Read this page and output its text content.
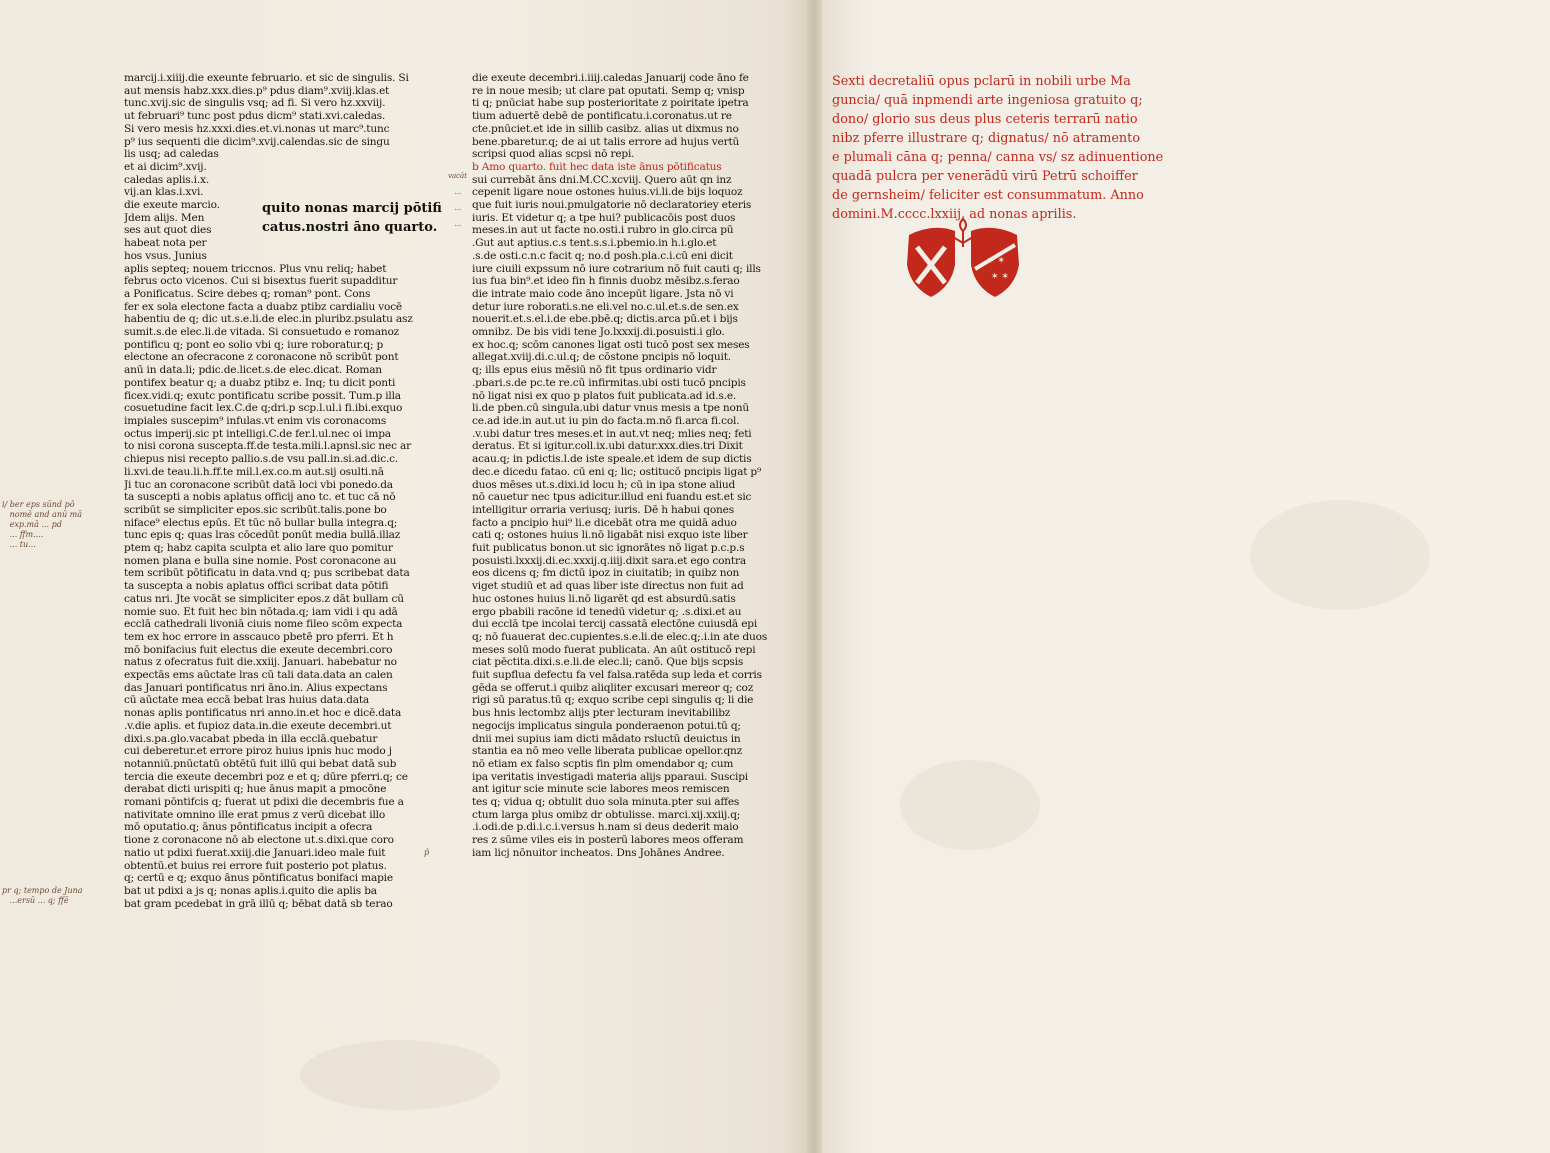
marcij.i.xiiij.die exeunte februario. et sic de singulis. Si
aut mensis habz.xxx.dies.p⁹ pdus diam⁹.xviij.klas.et
tunc.xvij.sic de singulis vsq; ad fi. Si vero hz.xxviij.
ut februari⁹ tunc post pdus dicm⁹ stati.xvi.caledas.
Si vero mesis hz.xxxi.dies.et.vi.nonas ut marc⁹.tunc
p⁹ ius sequenti die dicim⁹.xvij.calendas.sic de singu
lis usq; ad caledas
et ai dicim⁹.xvij.
caledas aplis.i.x.
vij.an klas.i.xvi.
die exeute marcio.
Jdem alijs. Men
ses aut quot dies
habeat nota per
hos vsus. Junius
aplis septeq; nouem triccnos. Plus vnu reliq; habet
februs octo vicenos. Cui si bisextus fuerit supadditur
a Ponificatus. Scire debes q; roman⁹ pont. Cons
fer ex sola electone facta a duabz ptibz cardialiu vocē
habentiu de q; dic ut.s.e.li.de elec.in pluribz.psulatu asz
sumit.s.de elec.li.de vitada. Si consuetudo e romanoz
pontificu q; pont eo solio vbi q; iure roboratur.q; p
electone an ofecracone z coronacone nō scribūt pont
anū in data.li; pdic.de.licet.s.de elec.dicat. Roman
pontifex beatur q; a duabz ptibz e. Inq; tu dicit ponti
ficex.vidi.q; exutc pontificatu scribe possit. Tum.p illa
cosuetudine facit lex.C.de q;dri.p scp.l.ul.i fi.ibi.exquo
impiales suscepim⁹ infulas.vt enim vis coronacoms
octus imperij.sic pt intelligi.C.de fer.l.ul.nec oi impa
to nisi corona suscepta.ff.de testa.mili.l.apnsl.sic nec ar
chiepus nisi recepto pallio.s.de vsu pall.in.si.ad.dic.c.
li.xvi.de teau.li.h.ff.te mil.l.ex.co.m aut.sij osulti.nā
Ji tuc an coronacone scribūt datā loci vbi ponedo.da
ta suscepti a nobis aplatus officij ano tc. et tuc cā nō
scribūt se simpliciter epos.sic scribūt.talis.pone bo
niface⁹ electus epūs. Et tūc nō bullar bulla integra.q;
tunc epis q; quas lras cōcedūt ponūt media bullā.illaz
ptem q; habz capita sculpta et alio lare quo pomitur
nomen plana e bulla sine nomie. Post coronacone au
tem scribūt pōtificatu in data.vnd q; pus scribebat data
ta suscepta a nobis aplatus offici scribat data pōtifi
catus nri. Jte vocāt se simpliciter epos.z dāt bullam cū
nomie suo. Et fuit hec bin nōtada.q; iam vidi i qu adā
ecclā cathedrali livoniā ciuis nome fileo scōm expecta
tem ex hoc errore in asscauco pbetē pro pferri. Et h
mō bonifacius fuit electus die exeute decembri.coro
natus z ofecratus fuit die.xxiij. Januari. habebatur no
expectās ems aūctate lras cū tali data.data an calen
das Januari pontificatus nri āno.in. Alius expectans
cū aūctate mea eccā bebat lras huius data.data
nonas aplis pontificatus nri anno.in.et hoc e dicē.data
.v.die aplis. et fupioz data.in.die exeute decembri.ut
dixi.s.pa.glo.vacabat pbeda in illa ecclā.quebatur
cui deberetur.et errore piroz huius ipnis huc modo j
notanniū.pnūctatū obtētū fuit illū qui bebat datā sub
tercia die exeute decembri poz e et q; dūre pferri.q; ce
derabat dicti urispiti q; hue ānus mapit a pmocōne
romani pōntifcis q; fuerat ut pdixi die decembris fue a
nativitate omnino ille erat pmus z verū dicebat illo
mō oputatio.q; ānus pōntificatus incipit a ofecra
tione z coronacone nō ab electone ut.s.dixi.que coro
natio ut pdixi fuerat.xxiij.die Januari.ideo male fuit
obtentū.et buius rei errore fuit posterio pot platus.
q; certū e q; exquo ānus pōntificatus bonifaci mapie
bat ut pdixi a js q; nonas aplis.i.quito die aplis ba
bat gram pcedebat in grā illū q; bēbat datā sb terao
quito nonas marcij
catus.nostri āno quarto.
die exeute decembri.i.iiij.caledas Januarij code āno fe
re in noue mesib; ut clare pat oputati. Semp q; vnisp
ti q; pnūciat habe sup posterioritate z poiritate ipetra
tium aduertē debē de pontificatu.i.coronatus.ut re
cte.pnūciet.et ide in sillib casibz. alias ut dixmus no
bene.pbaretur.q; de ai ut talis errore ad hujus vertū
scripsi quod alias scpsi nō repi.
b Amo quarto. fuit hec data iste ānus pōtificatus
sui currebāt āns dni.M.CC.xcviij. Quero aūt qn inz
cepenit ligare noue ostones huius.vi.li.de bijs loquoz
que fuit iuris noui.pmulgatorie nō declaratoriey eteris
iuris. Et videtur q; a tpe hui? publicacōis post duos
meses.in aut ut facte no.osti.i rubro in glo.circa pū
.Gut aut aptius.c.s tent.s.s.i.pbemio.in h.i.glo.et
.s.de osti.c.n.c facit q; no.d posh.pla.c.i.cū eni dicit
iure ciuili expssum nō iure cotrarium nō fuit cauti q; ills
ius fua bin⁹.et ideo fin h finnis duobz mēsibz.s.ferao
die intrate maio code āno incepūt ligare. Jsta nō vi
detur iure roborati.s.ne eli.vel no.c.ul.et.s.de sen.ex
nouerit.et.s.el.i.de ebe.pbē.q; dictis.arca pū.et i bijs
omnibz. De bis vidi tene Jo.lxxxij.di.posuisti.i glo.
ex hoc.q; scōm canones ligat osti tucō post sex meses
allegat.xviij.di.c.ul.q; de cōstone pncipis nō loquit.
q; ills epus eius mēsiū nō fit tpus ordinario vidr
.pbari.s.de pc.te re.cū infirmitas.ubi osti tucō pncipis
nō ligat nisi ex quo p platos fuit publicata.ad id.s.e.
li.de pben.cū singula.ubi datur vnus mesis a tpe nonū
ce.ad ide.in aut.ut iu pin do facta.m.nō fi.arca fi.col.
.v.ubi datur tres meses.et in aut.vt neq; mlies neq; feti
deratus. Et si igitur.coll.ix.ubi datur.xxx.dies.tri Dixit
acau.q; in pdictis.l.de iste speale.et idem de sup dictis
dec.e dicedu fatao. cū eni q; lic; ostitucō pncipis ligat p⁹
duos mēses ut.s.dixi.id locu h; cū in ipa stone aliud
nō cauetur nec tpus adicitur.illud eni fuandu est.et sic
intelligitur orraria veriusq; iuris. Dē h habui qones
facto a pncipio hui⁹ li.e dicebāt otra me quidā aduo
cati q; ostones huius li.nō ligabāt nisi exquo iste liber
fuit publicatus bonon.ut sic ignorātes nō ligat p.c.p.s
posuisti.lxxxij.di.ec.xxxij.q.iiij.dixit sara.et ego contra
eos dicens q; fm dictū ipoz in ciuitatib; in quibz non
viget studiū et ad quas liber iste directus non fuit ad
huc ostones huius li.nō ligarēt qd est absurdū.satis
ergo pbabili racōne id tenedū videtur q; .s.dixi.et au
dui ecclā tpe incolai tercij cassatā electōne cuiusdā epi
q; nō fuauerat dec.cupientes.s.e.li.de elec.q;.i.in ate duos
meses solū modo fuerat publicata. An aūt ostitucō repi
ciat pēctita.dixi.s.e.li.de elec.li; canō. Que bijs scpsis
fuit supflua defectu fa vel falsa.ratēda sup leda et corris
gēda se offerut.i quibz aliqliter excusari mereor q; coz
rigi sū paratus.tū q; exquo scribe cepi singulis q; li die
bus hnis lectombz alijs pter lecturam inevitabilibz
negocijs implicatus singula ponderaenon potui.tū q;
dnii mei supius iam dicti mādato rsluctū deuictus in
stantia ea nō meo velle liberata publicae opellor.qnz
nō etiam ex falso scptis fin plm omendabor q; cum
ipa veritatis investigadi materia alijs pparaui. Suscipi
ant igitur scie minute scie labores meos remiscen
tes q; vidua q; obtulit duo sola minuta.pter sui affes
ctum larga plus omibz dr obtulisse. marci.xij.xxiij.q;
.i.odi.de p.di.i.c.i.versus h.nam si deus dederit maio
res z sūme viles eis in posterū labores meos offeram
iam licj nōnuitor incheatos. Dns Johānes Andree.
i/ ber eps sūnd pō
nomē and anū mā
exp.mā ... pd
... ffm....
... tu...
pr q; tempo de Juna
...ersū ... q; ffē
vacāt
...
...
...
p̃
Sexti decretaliū opus pclarū in nobili urbe Ma
guncia/ quā inpmendi arte ingeniosa gratuito
dono/ glorio sus deus plus ceteris terrarū natio
nibz pferre illustrare q; dignatus/ nō atramento
e plumali cāna q; penna/ canna vs/ sz adinuentione
quadā pulcra per venerādū virū Petrū schoiffer
de gernsheim/ feliciter est consummatum. Anno
domini.M.cccc.lxxiij. ad nonas aprilis.
✶ ✶
✶ ✶
